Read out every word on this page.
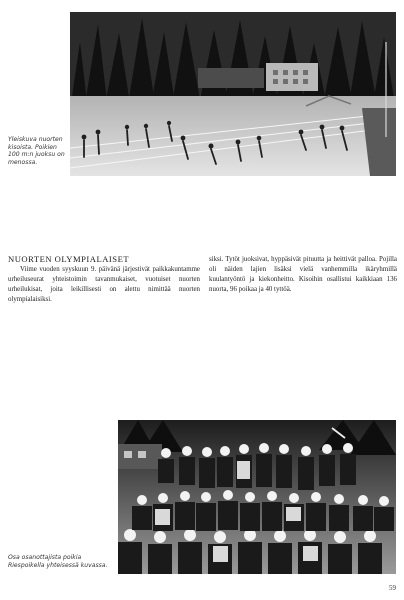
Yleiskuva nuorten kisoista. Poikien 100 m:n juoksu on menossa.
NUORTEN OLYMPIALAISET

Viime vuoden syyskuun 9. päivänä järjestivät paikkakuntamme urheiluseurat yhteistoimin tavanmukaiset, vuotuiset nuorten urheilukisat, joita leikillisesti on alettu nimittää nuorten olympialaisiksi.

siksi. Tytöt juoksivat, hyppäsivät pituutta ja heittivät palloa. Pojilla oli näiden lajien lisäksi vielä vanhemmilla ikäryhmillä kuulantyöntö ja kiekonheitto. Kisoihin osallistui kaikkiaan 136 nuorta, 96 poikaa ja 40 tyttöä.

Osa osanottajista poikia Riespoikella yhteisessä kuvassa.
59
